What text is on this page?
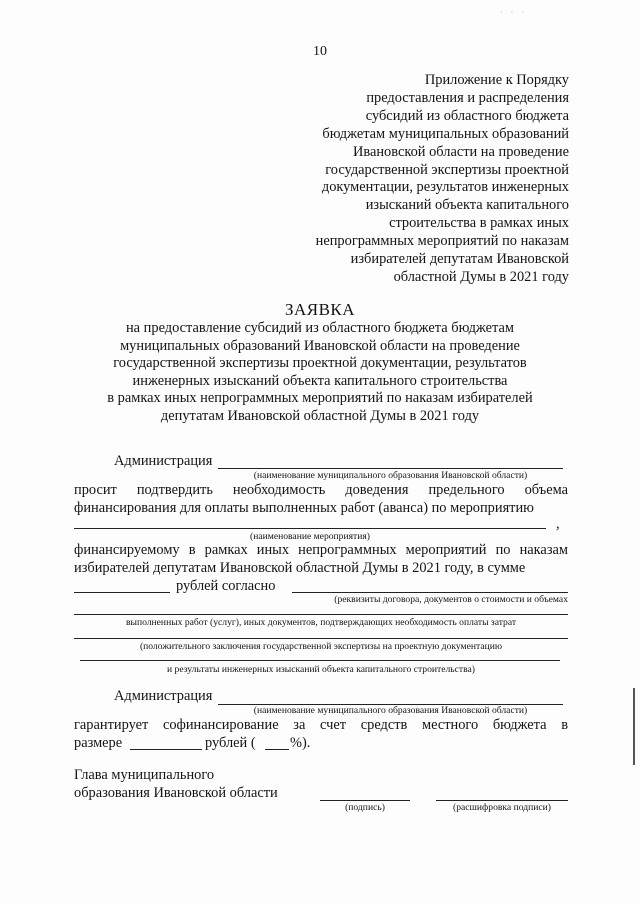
· · ·
10
Приложение к Порядку
предоставления и распределения
субсидий из областного бюджета
бюджетам муниципальных образований
Ивановской области на проведение
государственной экспертизы проектной
документации, результатов инженерных
изысканий объекта капитального
строительства в рамках иных
непрограммных мероприятий по наказам
избирателей депутатам Ивановской
областной Думы в 2021 году
ЗАЯВКА
на предоставление субсидий из областного бюджета бюджетам
муниципальных образований Ивановской области на проведение
государственной экспертизы проектной документации, результатов
инженерных изысканий объекта капитального строительства
в рамках иных непрограммных мероприятий по наказам избирателей
депутатам Ивановской областной Думы в 2021 году
Администрация
(наименование муниципального образования Ивановской области)
просит подтвердить необходимость доведения предельного объема
финансирования для оплаты выполненных работ (аванса) по мероприятию
,
(наименование мероприятия)
финансируемому в рамках иных непрограммных мероприятий по наказам
избирателей депутатам Ивановской областной Думы в 2021 году, в сумме
рублей согласно
(реквизиты договора, документов о стоимости и объемах
выполненных работ (услуг), иных документов, подтверждающих необходимость оплаты затрат
(положительного заключения государственной экспертизы на проектную документацию
и результаты инженерных изысканий объекта капитального строительства)
Администрация
(наименование муниципального образования Ивановской области)
гарантирует софинансирование за счет средств местного бюджета в
размере	рублей ( %).
Глава муниципального
образования Ивановской области
(подпись)	(расшифровка подписи)
